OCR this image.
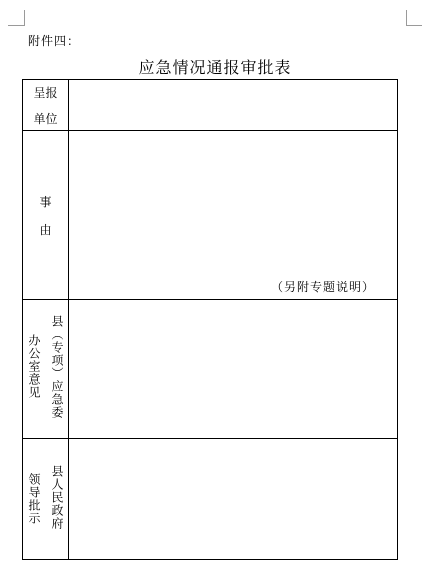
附件四：
应急情况通报审批表
呈报
单位	

事
由	（另附专题说明）

县（专项）应急委
办公室意见	

县人民政府
领导批示	
